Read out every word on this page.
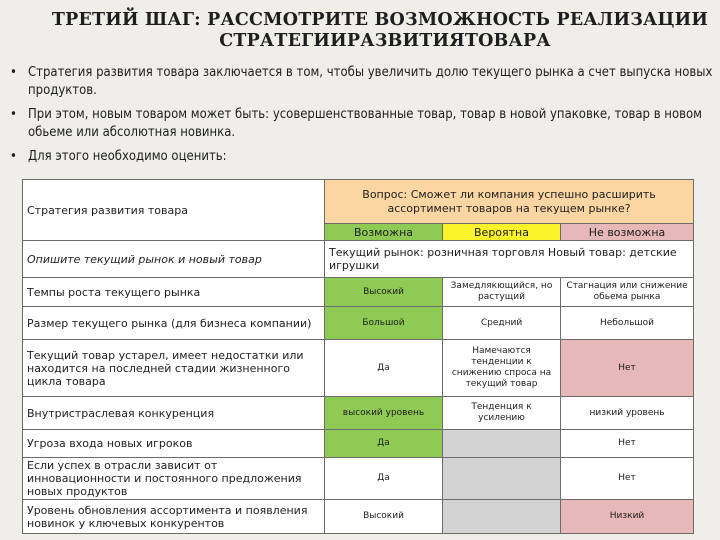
ТРЕТИЙ ШАГ: РАССМОТРИТЕ ВОЗМОЖНОСТЬ РЕАЛИЗАЦИИ
СТРАТЕГИИРАЗВИТИЯТОВАРА
• Стратегия развития товара заключается в том, чтобы увеличить долю текущего рынка а счет выпуска новых продуктов.
• При этом, новым товаром может быть: усовершенствованные товар, товар в новой упаковке, товар в новом обьеме или абсолютная новинка.
• Для этого необходимо оценить:
Стратегия развития товара	Вопрос: Сможет ли компания успешно расширить ассортимент товаров на текущем рынке?		
	Возможна	Вероятна	Не возможна
Опишите текущий рынок и новый товар	Текущий рынок: розничная торговля Новый товар: детские игрушки		
Темпы роста текущего рынка	Высокий	Замедлякющийся, но растущий	Стагнация или снижение обьема рынка
Размер текущего рынка (для бизнеса компании)	Большой	Средний	Небольшой
Текущий товар устарел, имеет недостатки или находится на последней стадии жизненного цикла товара	Да	Намечаются тенденции к снижению спроса на текущий товар	Нет
Внутристраслевая конкуренция	высокий уровень	Тенденция к усилению	низкий уровень
Угроза входа новых игроков	Да		Нет
Если успех в отрасли зависит от инновационности и постоянного предложения новых продуктов	Да		Нет
Уровень обновления ассортимента и появления новинок у ключевых конкурентов	Высокий		Низкий
